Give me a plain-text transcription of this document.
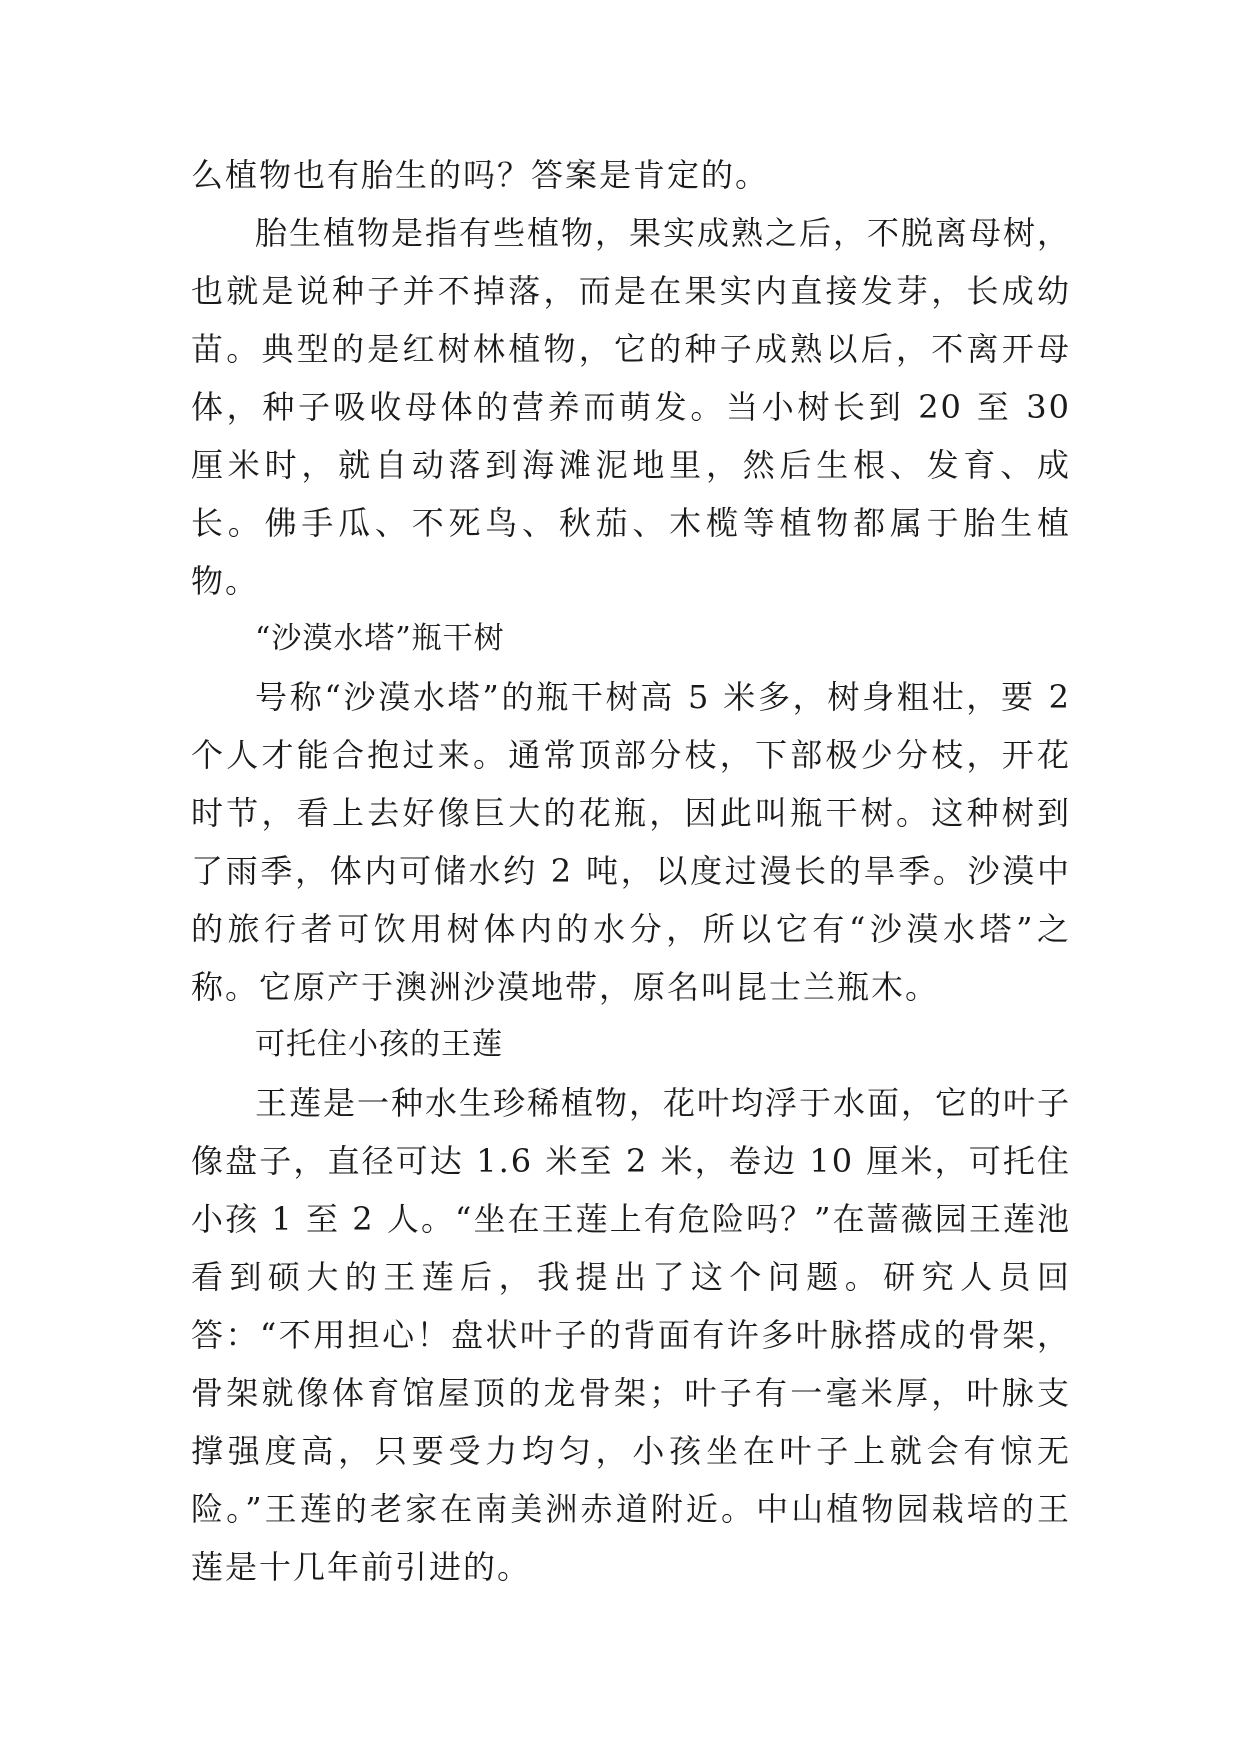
么植物也有胎生的吗？答案是肯定的。

胎生植物是指有些植物，果实成熟之后，不脱离母树，也就是说种子并不掉落，而是在果实内直接发芽，长成幼苗。典型的是红树林植物，它的种子成熟以后，不离开母体，种子吸收母体的营养而萌发。当小树长到 20 至 30 厘米时，就自动落到海滩泥地里，然后生根、发育、成长。佛手瓜、不死鸟、秋茄、木榄等植物都属于胎生植物。

“沙漠水塔”瓶干树

号称“沙漠水塔”的瓶干树高 5 米多，树身粗壮，要 2 个人才能合抱过来。通常顶部分枝，下部极少分枝，开花时节，看上去好像巨大的花瓶，因此叫瓶干树。这种树到了雨季，体内可储水约 2 吨，以度过漫长的旱季。沙漠中的旅行者可饮用树体内的水分，所以它有“沙漠水塔”之称。它原产于澳洲沙漠地带，原名叫昆士兰瓶木。

可托住小孩的王莲

王莲是一种水生珍稀植物，花叶均浮于水面，它的叶子像盘子，直径可达 1.6 米至 2 米，卷边 10 厘米，可托住小孩 1 至 2 人。“坐在王莲上有危险吗？”在蔷薇园王莲池看到硕大的王莲后，我提出了这个问题。研究人员回答：“不用担心！盘状叶子的背面有许多叶脉搭成的骨架，骨架就像体育馆屋顶的龙骨架；叶子有一毫米厚，叶脉支撑强度高，只要受力均匀，小孩坐在叶子上就会有惊无险。”王莲的老家在南美洲赤道附近。中山植物园栽培的王莲是十几年前引进的。
